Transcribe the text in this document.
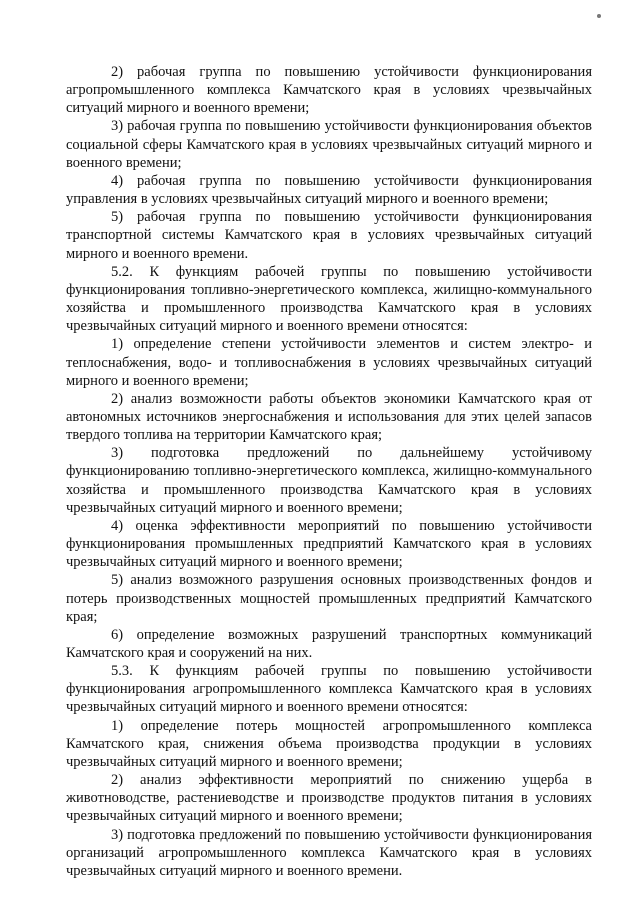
2) рабочая группа по повышению устойчивости функционирования агропромышленного комплекса Камчатского края в условиях чрезвычайных ситуаций мирного и военного времени;

3) рабочая группа по повышению устойчивости функционирования объектов социальной сферы Камчатского края в условиях чрезвычайных ситуаций мирного и военного времени;

4) рабочая группа по повышению устойчивости функционирования управления в условиях чрезвычайных ситуаций мирного и военного времени;

5) рабочая группа по повышению устойчивости функционирования транспортной системы Камчатского края в условиях чрезвычайных ситуаций мирного и военного времени.

5.2. К функциям рабочей группы по повышению устойчивости функционирования топливно-энергетического комплекса, жилищно-коммунального хозяйства и промышленного производства Камчатского края в условиях чрезвычайных ситуаций мирного и военного времени относятся:

1) определение степени устойчивости элементов и систем электро- и теплоснабжения, водо- и топливоснабжения в условиях чрезвычайных ситуаций мирного и военного времени;

2) анализ возможности работы объектов экономики Камчатского края от автономных источников энергоснабжения и использования для этих целей запасов твердого топлива на территории Камчатского края;

3) подготовка предложений по дальнейшему устойчивому функционированию топливно-энергетического комплекса, жилищно-коммунального хозяйства и промышленного производства Камчатского края в условиях чрезвычайных ситуаций мирного и военного времени;

4) оценка эффективности мероприятий по повышению устойчивости функционирования промышленных предприятий Камчатского края в условиях чрезвычайных ситуаций мирного и военного времени;

5) анализ возможного разрушения основных производственных фондов и потерь производственных мощностей промышленных предприятий Камчатского края;

6) определение возможных разрушений транспортных коммуникаций Камчатского края и сооружений на них.

5.3. К функциям рабочей группы по повышению устойчивости функционирования агропромышленного комплекса Камчатского края в условиях чрезвычайных ситуаций мирного и военного времени относятся:

1) определение потерь мощностей агропромышленного комплекса Камчатского края, снижения объема производства продукции в условиях чрезвычайных ситуаций мирного и военного времени;

2) анализ эффективности мероприятий по снижению ущерба в животноводстве, растениеводстве и производстве продуктов питания в условиях чрезвычайных ситуаций мирного и военного времени;

3) подготовка предложений по повышению устойчивости функционирования организаций агропромышленного комплекса Камчатского края в условиях чрезвычайных ситуаций мирного и военного времени.
